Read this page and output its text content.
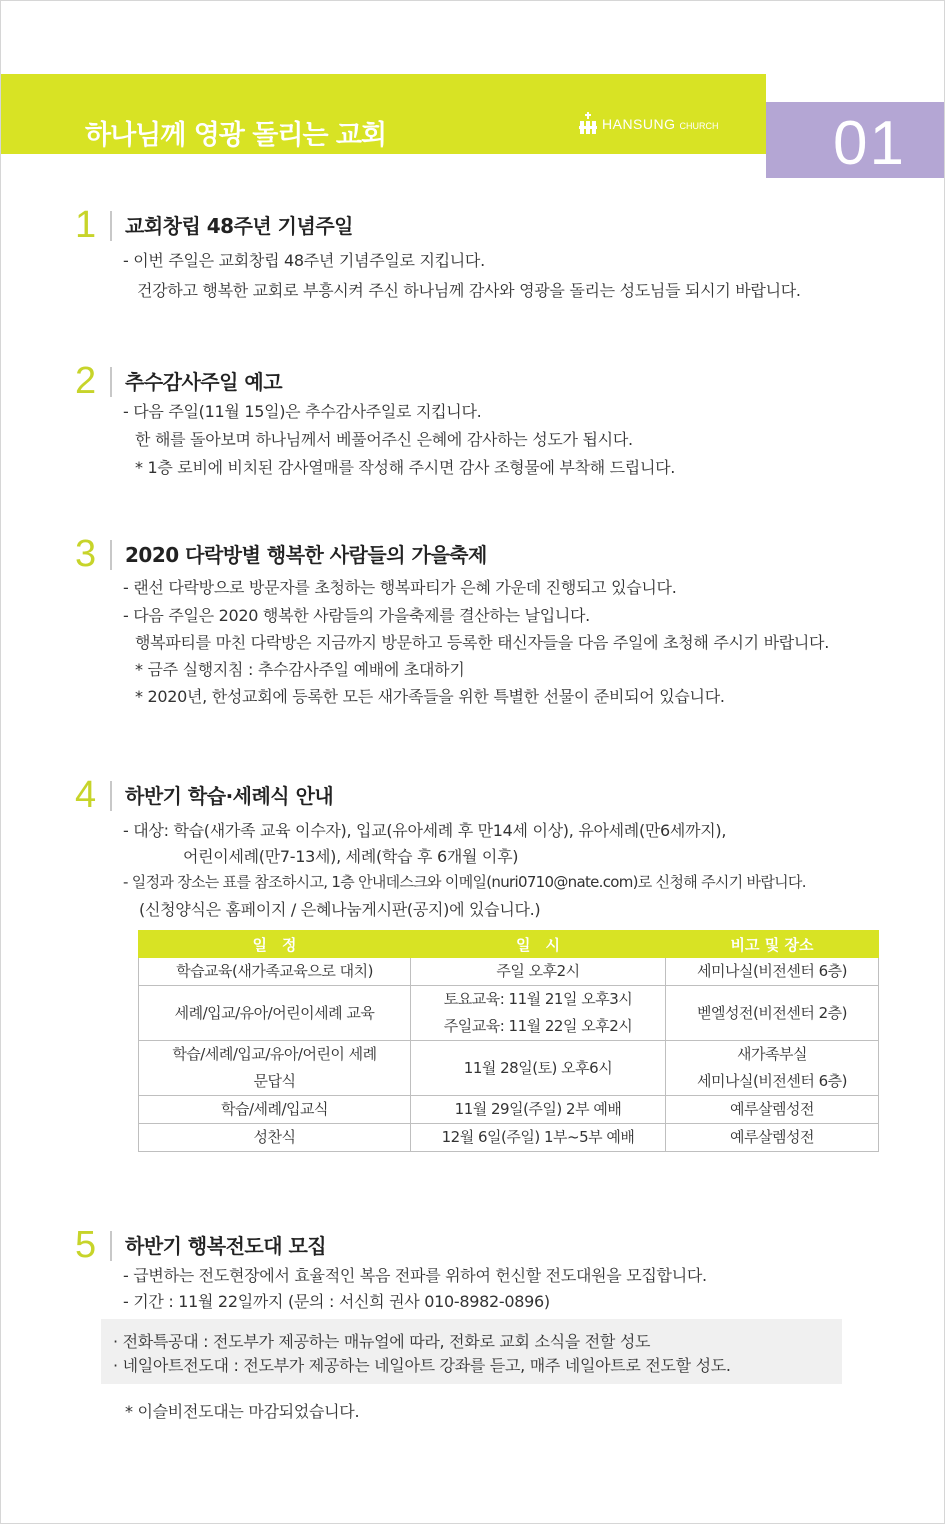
하나님께 영광 돌리는 교회	HANSUNG CHURCH 01
1 교회창립 48주년 기념주일
- 이번 주일은 교회창립 48주년 기념주일로 지킵니다.
건강하고 행복한 교회로 부흥시켜 주신 하나님께 감사와 영광을 돌리는 성도님들 되시기 바랍니다.
2 추수감사주일 예고
- 다음 주일(11월 15일)은 추수감사주일로 지킵니다.
한 해를 돌아보며 하나님께서 베풀어주신 은혜에 감사하는 성도가 됩시다.
* 1층 로비에 비치된 감사열매를 작성해 주시면 감사 조형물에 부착해 드립니다.
3 2020 다락방별 행복한 사람들의 가을축제
- 랜선 다락방으로 방문자를 초청하는 행복파티가 은혜 가운데 진행되고 있습니다.
- 다음 주일은 2020 행복한 사람들의 가을축제를 결산하는 날입니다.
행복파티를 마친 다락방은 지금까지 방문하고 등록한 태신자들을 다음 주일에 초청해 주시기 바랍니다.
* 금주 실행지침 : 추수감사주일 예배에 초대하기
* 2020년, 한성교회에 등록한 모든 새가족들을 위한 특별한 선물이 준비되어 있습니다.
4 하반기 학습·세례식 안내
- 대상: 학습(새가족 교육 이수자), 입교(유아세례 후 만14세 이상), 유아세례(만6세까지),
어린이세례(만7-13세), 세례(학습 후 6개월 이후)
- 일정과 장소는 표를 참조하시고, 1층 안내데스크와 이메일(nuri0710@nate.com)로 신청해 주시기 바랍니다.
(신청양식은 홈페이지 / 은혜나눔게시판(공지)에 있습니다.)
일　정	일　시	비고 및 장소

학습교육(새가족교육으로 대치)	주일 오후2시	세미나실(비전센터 6층)

세례/입교/유아/어린이세례 교육	토요교육: 11월 21일 오후3시
주일교육: 11월 22일 오후2시	벧엘성전(비전센터 2층)

학습/세례/입교/유아/어린이 세례
문답식	11월 28일(토) 오후6시	새가족부실
세미나실(비전센터 6층)

학습/세례/입교식	11월 29일(주일) 2부 예배	예루살렘성전

성찬식	12월 6일(주일) 1부~5부 예배	예루살렘성전
5 하반기 행복전도대 모집
- 급변하는 전도현장에서 효율적인 복음 전파를 위하여 헌신할 전도대원을 모집합니다.
- 기간 : 11월 22일까지 (문의 : 서신희 권사 010-8982-0896)
· 전화특공대 : 전도부가 제공하는 매뉴얼에 따라, 전화로 교회 소식을 전할 성도
· 네일아트전도대 : 전도부가 제공하는 네일아트 강좌를 듣고, 매주 네일아트로 전도할 성도.
* 이슬비전도대는 마감되었습니다.
